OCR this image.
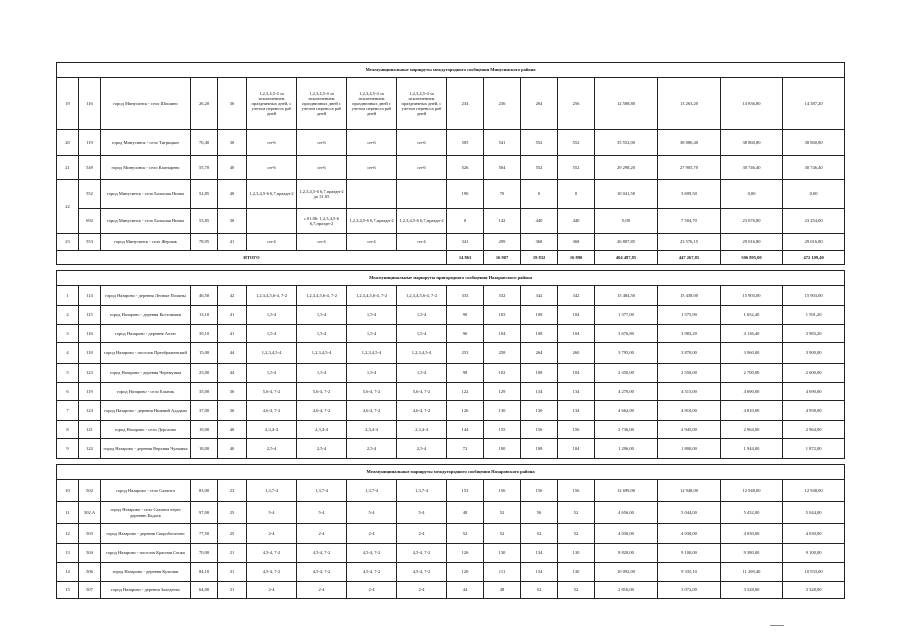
Межмуниципальные маршруты междугородного сообщения Минусинского района																
19	116	город Минусинск - село Шошино	26,20	36	1,2,3,4,5-4 за исключением праздничных дней, с учетом переноса раб дней	1,2,3,4,5-4 за исключением праздничных дней с учетом переноса раб дней	1,2,3,4,5-4 за исключением праздничных дней с учетом переноса раб дней	1,2,3,4,5-4 за исключением праздничных дней, с учетом переноса раб дней	234	236	264	256	12 588,80	13 263,20	14 836,80	14 387,20
20	119	город Минусинск - село Тигрицкое	70,40	30	сн-6	сн-6	сн-6	сн-6	505	541	552	552	35 552,00	38 086,40	38 860,80	38 860,80
21	549	город Минусинск - село Каптырево	55,70	40	сн-6	сн-6	сн-6	сн-6	526	504	552	552	29 298,20	27 905,70	30 746,40	30 746,40
22	552	город Минусинск - село Большая Ничка	52,85	40	1,2,3,4,5-6 6,7,праздн-2	1,2,3,4,5-6 6,7,праздн-2 до 31.05			190	70	0	0	10 041,50	3 699,50	0,00	0,00
	692	город Минусинск - село Большая Ничка	53,85	30		с 01.06: 1,2,3,4,5-6 6,7,праздн-2	1,2,3,4,5-6 6,7,праздн-2	1,2,3,4,5-6 6,7,праздн-2	0	142	440	440	0,00	7 504,70	23 676,80	23 254,00
23	553	город Минусинск - село Жерлык	78,95	41	сн-4	сн-4	сн-4	сн-4	341	299	368	368	26 887,85	23 576,15	29 016,80	29 016,80
ИТОГО									14 863	16 907	19 832	16 890	404 487,85	447 267,85	506 895,00	472 109,40

Межмуниципальные маршруты пригородного сообщения Назаровского района																
1	114	город Назарово - деревня Лесные Поляны	46,50	42	1,2,3,4,5,6-4, 7-2	1,2,3,4,5,6-4, 7-2	1,2,3,4,5,6-4, 7-2	1,2,3,4,5,6-4, 7-2	333	332	342	342	15 484,50	15 438,00	15 903,00	15 903,00
2	115	город Назарово - деревня Костомыки	13,10	41	1,5-4	1,5-4	1,5-4	1,5-4	90	103	108	104	1 377,00	1 575,90	1 652,40	1 591,20
3	116	город Назарово - деревня Ахтат	39,10	41	1,5-4	1,5-4	1,5-4	1,5-4	96	104	108	104	3 676,80	3 983,20	4 136,40	3 983,20
4	118	город Назарово - поселок Преображенский	15,00	44	1,2,3,4,5-4	1,2,3,4,5-4	1,2,3,4,5-4	1,2,3,4,5-4	253	258	264	260	3 795,00	3 870,00	3 960,00	3 900,00
5	123	город Назарово - деревня Черемушка	25,00	44	1,5-4	1,5-4	1,5-4	1,5-4	98	102	108	104	2 450,00	2 550,00	2 700,00	2 600,00
6	119	город Назарово - село Ельник	35,00	36	5,6-4, 7-2	5,6-4, 7-2	5,6-4, 7-2	5,6-4, 7-2	122	129	134	134	4 270,00	4 515,00	4 690,00	4 690,00
7	124	город Назарово - деревня Нижний Ададым	37,00	36	4,6-4, 7-2	4,6-4, 7-2	4,6-4, 7-2	4,6-4, 7-2	126	130	130	134	4 662,00	4 810,00	4 810,00	4 958,00
8	121	город Назарово - село Дорохово	19,00	40	2,3,4-4	2,3,4-4	2,3,4-4	2,3,4-4	144	155	156	156	2 736,00	2 945,00	2 964,00	2 964,00
9	122	город Назарово - деревня Верхняя Чулымка	18,00	40	2,5-4	2,5-4	2,5-4	2,5-4	72	100	108	104	1 296,00	1 800,00	1 944,00	1 872,00

Межмуниципальные маршруты междугородного сообщения Назаровского района																
10	502	город Назарово - село Сахапта	83,00	23	1,3,7-4	1,3,7-4	1,3,7-4	1,3,7-4	153	156	156	156	12 699,00	12 948,00	12 948,00	12 948,00
11	502 А	город Назарово - село Сахапта через деревню Кадаск	97,00	25	5-4	5-4	5-4	5-4	48	52	56	52	4 656,00	5 044,00	5 432,00	5 044,00
12	503	город Назарово - деревня Скоробогатово	77,50	25	2-4	2-4	2-4	2-4	52	52	52	52	4 030,00	4 030,00	4 030,00	4 030,00
13	504	город Назарово - поселок Красная Сопка	70,00	21	4,5-4, 7-2	4,5-4, 7-2	4,5-4, 7-2	4,5-4, 7-2	126	130	134	130	8 820,00	9 100,00	9 380,00	9 100,00
14	506	город Назарово - деревня Кулички	84,10	31	4,5-4, 7-2	4,5-4, 7-2	4,5-4, 7-2	4,5-4, 7-2	120	111	134	130	10 092,00	9 335,10	11 269,40	10 933,00
15	507	город Назарово - деревня Заледеево	64,00	31	2-4	2-4	2-4	2-4	44	48	52	52	2 816,00	3 072,00	3 328,00	3 328,00
